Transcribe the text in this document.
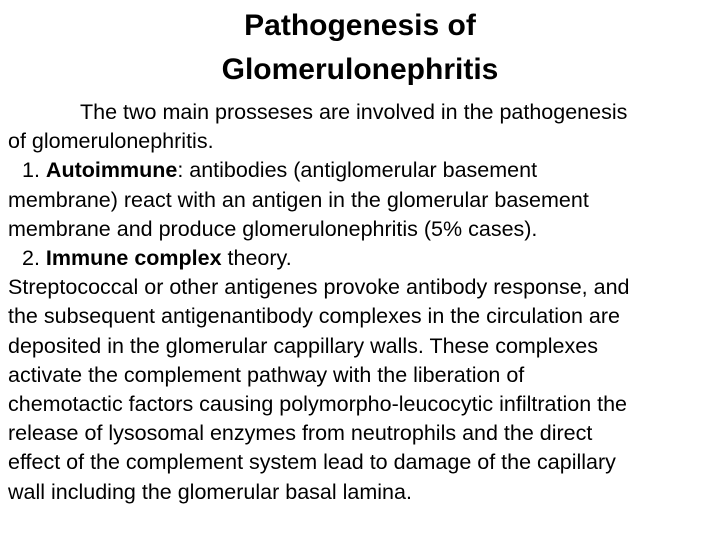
Pathogenesis of
Glomerulonephritis
The two main prosseses are involved in the pathogenesis
of glomerulonephritis.
1. Autoimmune: antibodies (antiglomerular basement
membrane) react with an antigen in the glomerular basement
membrane and produce glomerulonephritis (5% cases).
2. Immune complex theory.
Streptococcal or other antigenes provoke antibody response, and
the subsequent antigenantibody complexes in the circulation are
deposited in the glomerular cappillary walls. These complexes
activate the complement pathway with the liberation of
chemotactic factors causing polymorpho-leucocytic infiltration the
release of lysosomal enzymes from neutrophils and the direct
effect of the complement system lead to damage of the capillary
wall including the glomerular basal lamina.
